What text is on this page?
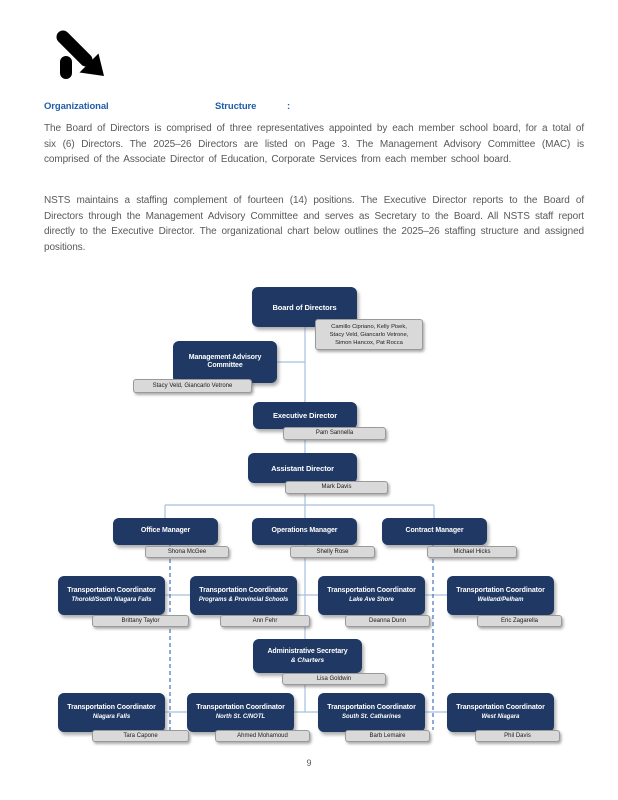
Organizational	Structure	:
The Board of Directors is comprised of three representatives appointed by each member school board, for a total of six (6) Directors. The 2025–26 Directors are listed on Page 3. The Management Advisory Committee (MAC) is comprised of the Associate Director of Education, Corporate Services from each member school board.
NSTS maintains a staffing complement of fourteen (14) positions. The Executive Director reports to the Board of Directors through the Management Advisory Committee and serves as Secretary to the Board. All NSTS staff report directly to the Executive Director. The organizational chart below outlines the 2025–26 staffing structure and assigned positions.
Board of Directors
Camillo Cipriano, Kelly Pisek,
Stacy Veld, Giancarlo Vetrone,
Simon Hancox, Pat Rocca
Management Advisory Committee
Stacy Veld, Giancarlo Vetrone
Executive Director
Pam Sannella
Assistant Director
Mark Davis
Office Manager
Shona McGee
Operations Manager
Shelly Rose
Contract Manager
Michael Hicks
Transportation Coordinator
Thorold/South Niagara Falls
Brittany Taylor
Transportation Coordinator
Programs & Provincial Schools
Ann Fehr
Transportation Coordinator
Lake Ave Shore
Deanna Dunn
Transportation Coordinator
Welland/Pelham
Eric Zagarella
Administrative Secretary
& Charters
Lisa Goldwin
Transportation Coordinator
Niagara Falls
Tara Capone
Transportation Coordinator
North St. C/NOTL
Ahmed Mohamoud
Transportation Coordinator
South St. Catharines
Barb Lemaire
Transportation Coordinator
West Niagara
Phil Davis
9
